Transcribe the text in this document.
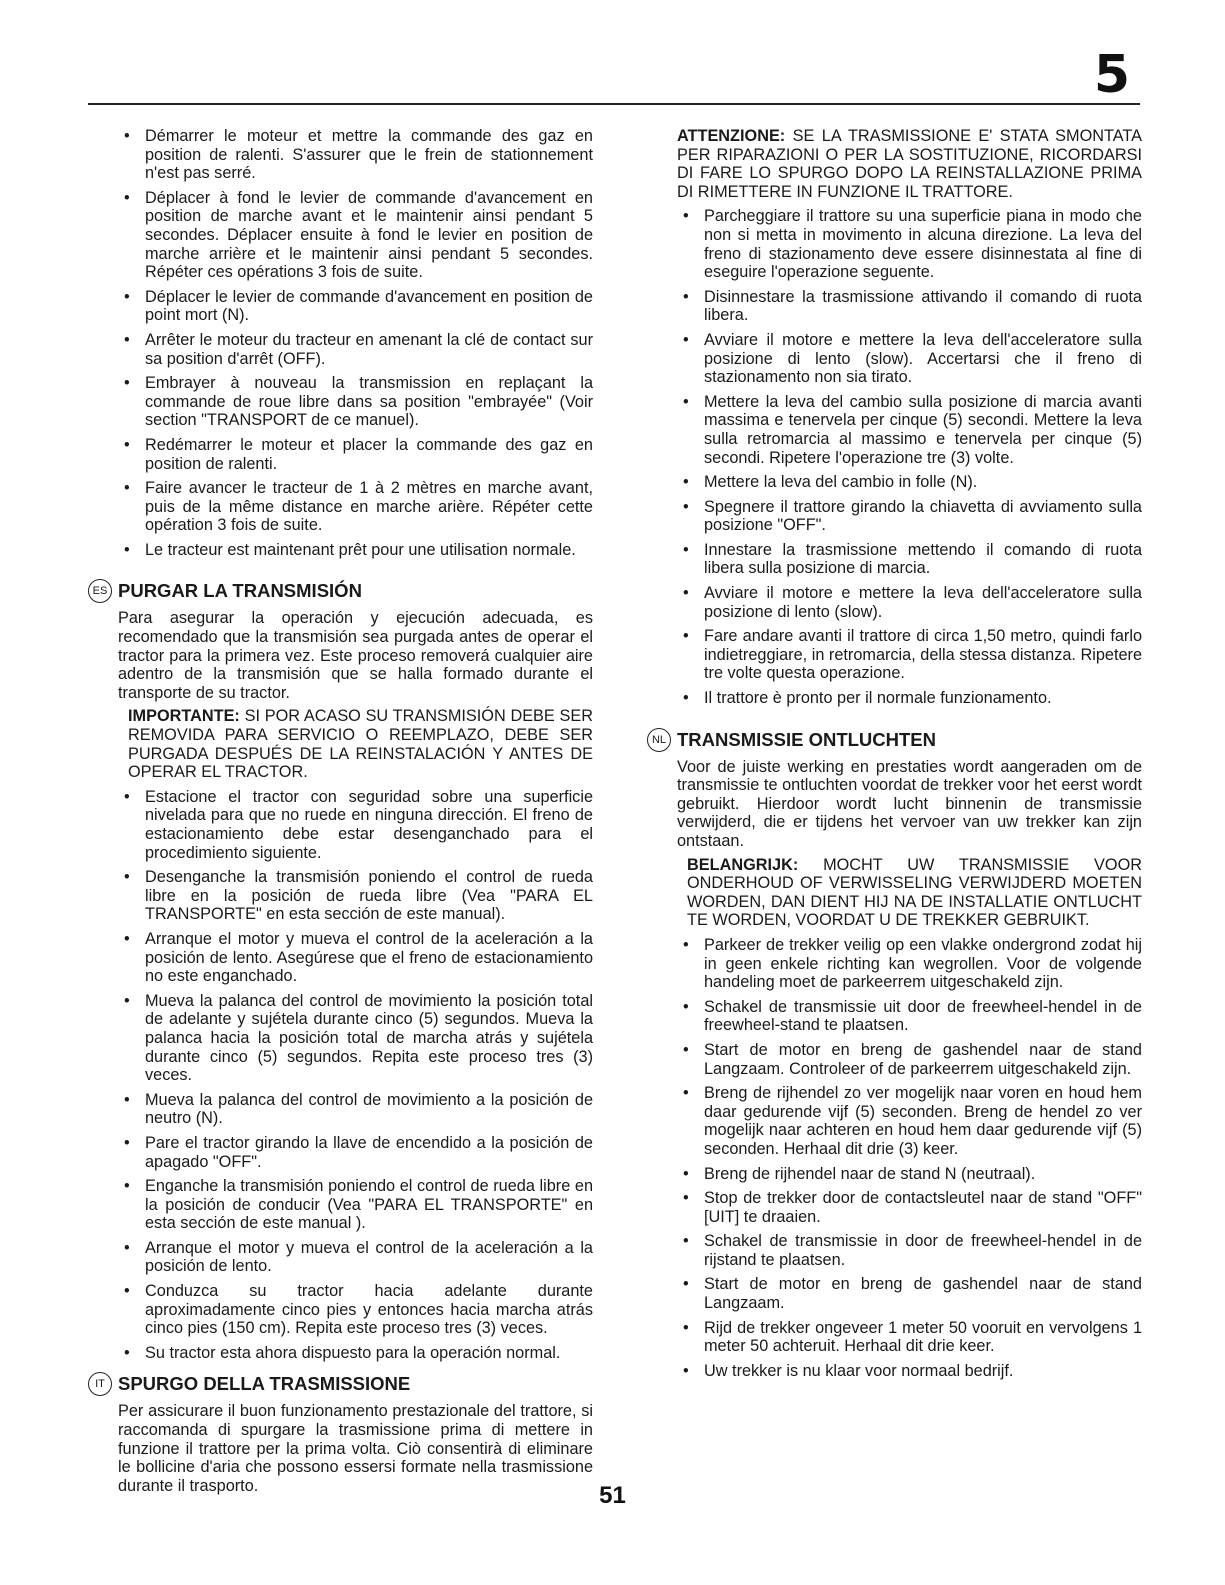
5
• Démarrer le moteur et mettre la commande des gaz en position de ralenti. S'assurer que le frein de stationnement n'est pas serré.
• Déplacer à fond le levier de commande d'avancement en position de marche avant et le maintenir ainsi pendant 5 secondes. Déplacer ensuite à fond le levier en position de marche arrière et le maintenir ainsi pendant 5 secondes. Répéter ces opérations 3 fois de suite.
• Déplacer le levier de commande d'avancement en position de point mort (N).
• Arrêter le moteur du tracteur en amenant la clé de contact sur sa position d'arrêt (OFF).
• Embrayer à nouveau la transmission en replaçant la commande de roue libre dans sa position "embrayée" (Voir section "TRANSPORT de ce manuel).
• Redémarrer le moteur et placer la commande des gaz en position de ralenti.
• Faire avancer le tracteur de 1 à 2 mètres en marche avant, puis de la même distance en marche arière. Répéter cette opération 3 fois de suite.
• Le tracteur est maintenant prêt pour une utilisation normale.
ES PURGAR LA TRANSMISIÓN

Para asegurar la operación y ejecución adecuada, es recomendado que la transmisión sea purgada antes de operar el tractor para la primera vez. Este proceso removerá cualquier aire adentro de la transmisión que se halla formado durante el transporte de su tractor.

IMPORTANTE: SI POR ACASO SU TRANSMISIÓN DEBE SER REMOVIDA PARA SERVICIO O REEMPLAZO, DEBE SER PURGADA DESPUÉS DE LA REINSTALACIÓN Y ANTES DE OPERAR EL TRACTOR.

• Estacione el tractor con seguridad sobre una superficie nivelada para que no ruede en ninguna dirección. El freno de estacionamiento debe estar desenganchado para el procedimiento siguiente.
• Desenganche la transmisión poniendo el control de rueda libre en la posición de rueda libre (Vea "PARA EL TRANSPORTE" en esta sección de este manual).
• Arranque el motor y mueva el control de la aceleración a la posición de lento. Asegúrese que el freno de estacionamiento no este enganchado.
• Mueva la palanca del control de movimiento la posición total de adelante y sujétela durante cinco (5) segundos. Mueva la palanca hacia la posición total de marcha atrás y sujétela durante cinco (5) segundos. Repita este proceso tres (3) veces.
• Mueva la palanca del control de movimiento a la posición de neutro (N).
• Pare el tractor girando la llave de encendido a la posición de apagado "OFF".
• Enganche la transmisión poniendo el control de rueda libre en la posición de conducir (Vea "PARA EL TRANSPORTE" en esta sección de este manual ).
• Arranque el motor y mueva el control de la aceleración a la posición de lento.
• Conduzca su tractor hacia adelante durante aproximadamente cinco pies y entonces hacia marcha atrás cinco pies (150 cm). Repita este proceso tres (3) veces.
• Su tractor esta ahora dispuesto para la operación normal.
IT SPURGO DELLA TRASMISSIONE

Per assicurare il buon funzionamento prestazionale del trattore, si raccomanda di spurgare la trasmissione prima di mettere in funzione il trattore per la prima volta. Ciò consentirà di eliminare le bollicine d'aria che possono essersi formate nella trasmissione durante il trasporto.

ATTENZIONE: SE LA TRASMISSIONE E' STATA SMONTATA PER RIPARAZIONI O PER LA SOSTITUZIONE, RICORDARSI DI FARE LO SPURGO DOPO LA REINSTALLAZIONE PRIMA DI RIMETTERE IN FUNZIONE IL TRATTORE.

• Parcheggiare il trattore su una superficie piana in modo che non si metta in movimento in alcuna direzione. La leva del freno di stazionamento deve essere disinnestata al fine di eseguire l'operazione seguente.
• Disinnestare la trasmissione attivando il comando di ruota libera.
• Avviare il motore e mettere la leva dell'acceleratore sulla posizione di lento (slow). Accertarsi che il freno di stazionamento non sia tirato.
• Mettere la leva del cambio sulla posizione di marcia avanti massima e tenervela per cinque (5) secondi. Mettere la leva sulla retromarcia al massimo e tenervela per cinque (5) secondi. Ripetere l'operazione tre (3) volte.
• Mettere la leva del cambio in folle (N).
• Spegnere il trattore girando la chiavetta di avviamento sulla posizione "OFF".
• Innestare la trasmissione mettendo il comando di ruota libera sulla posizione di marcia.
• Avviare il motore e mettere la leva dell'acceleratore sulla posizione di lento (slow).
• Fare andare avanti il trattore di circa 1,50 metro, quindi farlo indietreggiare, in retromarcia, della stessa distanza. Ripetere tre volte questa operazione.
• Il trattore è pronto per il normale funzionamento.
NL TRANSMISSIE ONTLUCHTEN

Voor de juiste werking en prestaties wordt aangeraden om de transmissie te ontluchten voordat de trekker voor het eerst wordt gebruikt. Hierdoor wordt lucht binnenin de transmissie verwijderd, die er tijdens het vervoer van uw trekker kan zijn ontstaan.

BELANGRIJK: MOCHT UW TRANSMISSIE VOOR ONDERHOUD OF VERWISSELING VERWIJDERD MOETEN WORDEN, DAN DIENT HIJ NA DE INSTALLATIE ONTLUCHT TE WORDEN, VOORDAT U DE TREKKER GEBRUIKT.

• Parkeer de trekker veilig op een vlakke ondergrond zodat hij in geen enkele richting kan wegrollen. Voor de volgende handeling moet de parkeerrem uitgeschakeld zijn.
• Schakel de transmissie uit door de freewheel-hendel in de freewheel-stand te plaatsen.
• Start de motor en breng de gashendel naar de stand Langzaam. Controleer of de parkeerrem uitgeschakeld zijn.
• Breng de rijhendel zo ver mogelijk naar voren en houd hem daar gedurende vijf (5) seconden. Breng de hendel zo ver mogelijk naar achteren en houd hem daar gedurende vijf (5) seconden. Herhaal dit drie (3) keer.
• Breng de rijhendel naar de stand N (neutraal).
• Stop de trekker door de contactsleutel naar de stand "OFF" [UIT] te draaien.
• Schakel de transmissie in door de freewheel-hendel in de rijstand te plaatsen.
• Start de motor en breng de gashendel naar de stand Langzaam.
• Rijd de trekker ongeveer 1 meter 50 vooruit en vervolgens 1 meter 50 achteruit. Herhaal dit drie keer.
• Uw trekker is nu klaar voor normaal bedrijf.
51
